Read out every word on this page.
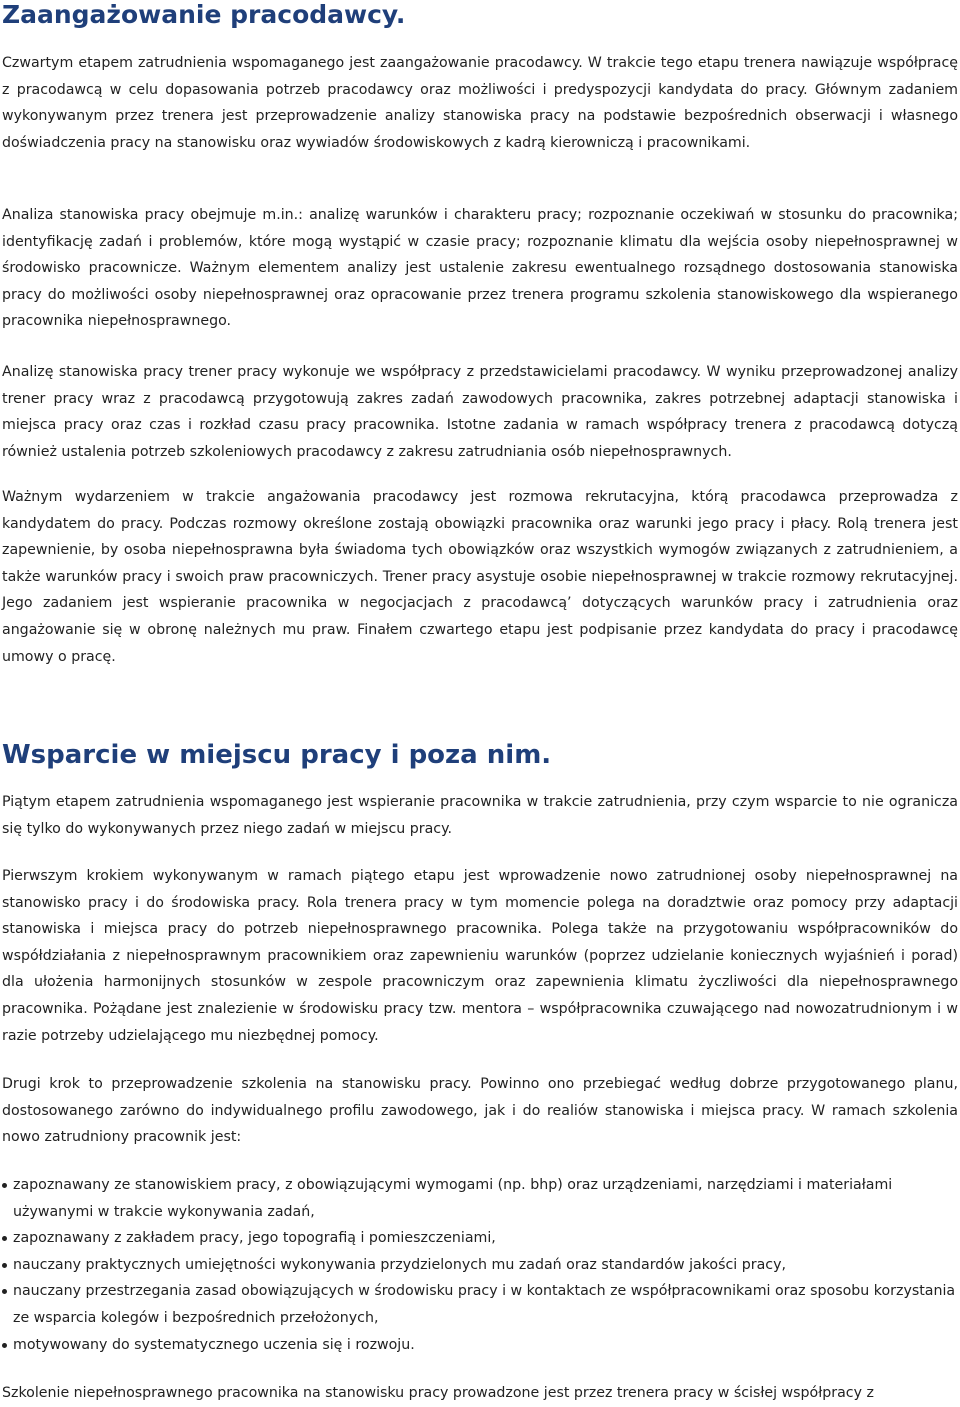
Zaangażowanie pracodawcy.

Czwartym etapem zatrudnienia wspomaganego jest zaangażowanie pracodawcy. W trakcie tego etapu trenera nawiązuje współpracę z pracodawcą w celu dopasowania potrzeb pracodawcy oraz możliwości i predyspozycji kandydata do pracy. Głównym zadaniem wykonywanym przez trenera jest przeprowadzenie analizy stanowiska pracy na podstawie bezpośrednich obserwacji i własnego doświadczenia pracy na stanowisku oraz wywiadów środowiskowych z kadrą kierowniczą i pracownikami.

Analiza stanowiska pracy obejmuje m.in.: analizę warunków i charakteru pracy; rozpoznanie oczekiwań w stosunku do pracownika; identyfikację zadań i problemów, które mogą wystąpić w czasie pracy; rozpoznanie klimatu dla wejścia osoby niepełnosprawnej w środowisko pracownicze. Ważnym elementem analizy jest ustalenie zakresu ewentualnego rozsądnego dostosowania stanowiska pracy do możliwości osoby niepełnosprawnej oraz opracowanie przez trenera programu szkolenia stanowiskowego dla wspieranego pracownika niepełnosprawnego.

Analizę stanowiska pracy trener pracy wykonuje we współpracy z przedstawicielami pracodawcy. W wyniku przeprowadzonej analizy trener pracy wraz z pracodawcą przygotowują zakres zadań zawodowych pracownika, zakres potrzebnej adaptacji stanowiska i miejsca pracy oraz czas i rozkład czasu pracy pracownika. Istotne zadania w ramach współpracy trenera z pracodawcą dotyczą również ustalenia potrzeb szkoleniowych pracodawcy z zakresu zatrudniania osób niepełnosprawnych.

Ważnym wydarzeniem w trakcie angażowania pracodawcy jest rozmowa rekrutacyjna, którą pracodawca przeprowadza z kandydatem do pracy. Podczas rozmowy określone zostają obowiązki pracownika oraz warunki jego pracy i płacy. Rolą trenera jest zapewnienie, by osoba niepełnosprawna była świadoma tych obowiązków oraz wszystkich wymogów związanych z zatrudnieniem, a także warunków pracy i swoich praw pracowniczych. Trener pracy asystuje osobie niepełnosprawnej w trakcie rozmowy rekrutacyjnej. Jego zadaniem jest wspieranie pracownika w negocjacjach z pracodawcą’ dotyczących warunków pracy i zatrudnienia oraz angażowanie się w obronę należnych mu praw. Finałem czwartego etapu jest podpisanie przez kandydata do pracy i pracodawcę umowy o pracę.

Wsparcie w miejscu pracy i poza nim.

Piątym etapem zatrudnienia wspomaganego jest wspieranie pracownika w trakcie zatrudnienia, przy czym wsparcie to nie ogranicza się tylko do wykonywanych przez niego zadań w miejscu pracy.

Pierwszym krokiem wykonywanym w ramach piątego etapu jest wprowadzenie nowo zatrudnionej osoby niepełnosprawnej na stanowisko pracy i do środowiska pracy. Rola trenera pracy w tym momencie polega na doradztwie oraz pomocy przy adaptacji stanowiska i miejsca pracy do potrzeb niepełnosprawnego pracownika. Polega także na przygotowaniu współpracowników do współdziałania z niepełnosprawnym pracownikiem oraz zapewnieniu warunków (poprzez udzielanie koniecznych wyjaśnień i porad) dla ułożenia harmonijnych stosunków w zespole pracowniczym oraz zapewnienia klimatu życzliwości dla niepełnosprawnego pracownika. Pożądane jest znalezienie w środowisku pracy tzw. mentora – współpracownika czuwającego nad nowozatrudnionym i w razie potrzeby udzielającego mu niezbędnej pomocy.

Drugi krok to przeprowadzenie szkolenia na stanowisku pracy. Powinno ono przebiegać według dobrze przygotowanego planu, dostosowanego zarówno do indywidualnego profilu zawodowego, jak i do realiów stanowiska i miejsca pracy. W ramach szkolenia nowo zatrudniony pracownik jest:

zapoznawany ze stanowiskiem pracy, z obowiązującymi wymogami (np. bhp) oraz urządzeniami, narzędziami i materiałami używanymi w trakcie wykonywania zadań,
zapoznawany z zakładem pracy, jego topografią i pomieszczeniami,
nauczany praktycznych umiejętności wykonywania przydzielonych mu zadań oraz standardów jakości pracy,
nauczany przestrzegania zasad obowiązujących w środowisku pracy i w kontaktach ze współpracownikami oraz sposobu korzystania ze wsparcia kolegów i bezpośrednich przełożonych,
motywowany do systematycznego uczenia się i rozwoju.

Szkolenie niepełnosprawnego pracownika na stanowisku pracy prowadzone jest przez trenera pracy w ścisłej współpracy z
